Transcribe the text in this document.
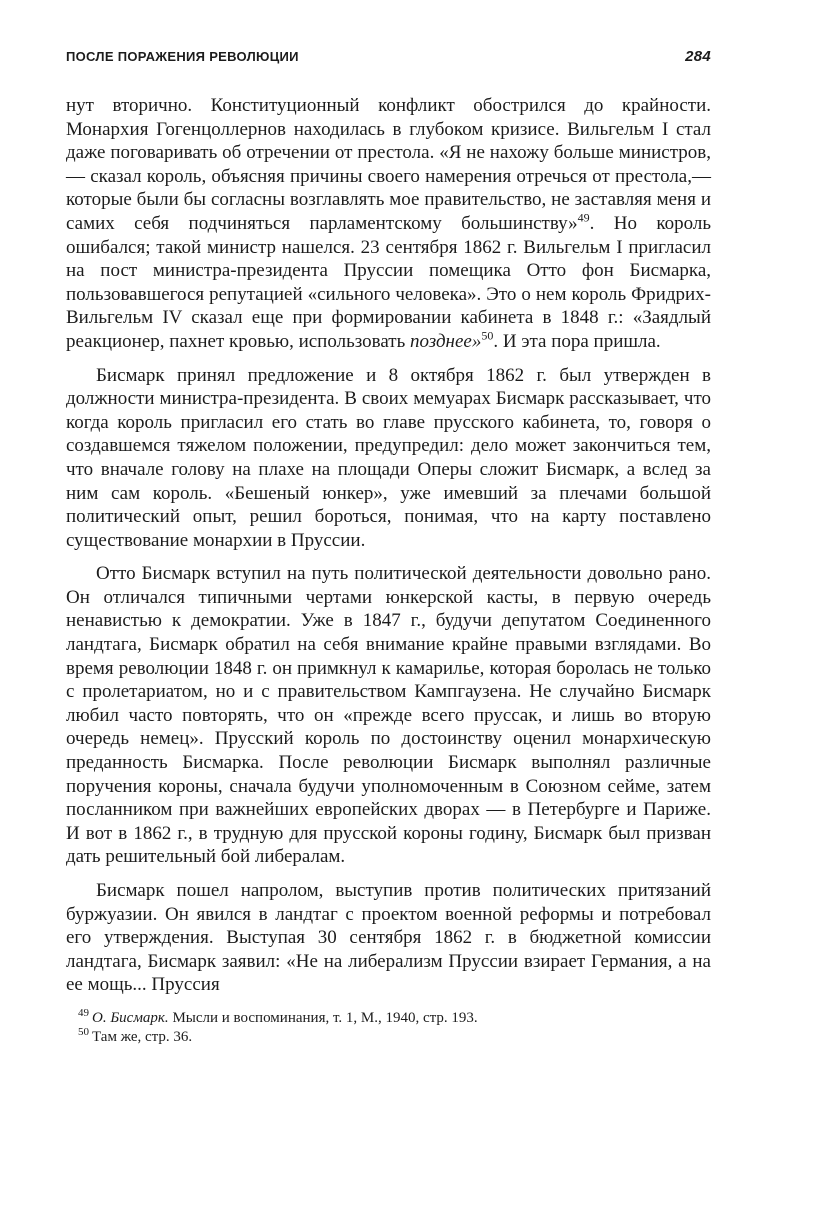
ПОСЛЕ ПОРАЖЕНИЯ РЕВОЛЮЦИИ	284

нут вторично. Конституционный конфликт обострился до крайности. Монархия Гогенцоллернов находилась в глубоком кризисе. Вильгельм I стал даже поговаривать об отречении от престола. «Я не нахожу больше министров,— сказал король, объясняя причины своего намерения отречься от престола,— которые были бы согласны возглавлять мое правительство, не заставляя меня и самих себя подчиняться парламентскому большинству»$^{49}$. Но король ошибался; такой министр нашелся. 23 сентября 1862 г. Вильгельм I пригласил на пост министра-президента Пруссии помещика Отто фон Бисмарка, пользовавшегося репутацией «сильного человека». Это о нем король Фридрих-Вильгельм IV сказал еще при формировании кабинета в 1848 г.: «Заядлый реакционер, пахнет кровью, использовать позднее»$^{50}$. И эта пора пришла.

Бисмарк принял предложение и 8 октября 1862 г. был утвержден в должности министра-президента. В своих мемуарах Бисмарк рассказывает, что когда король пригласил его стать во главе прусского кабинета, то, говоря о создавшемся тяжелом положении, предупредил: дело может закончиться тем, что вначале голову на плахе на площади Оперы сложит Бисмарк, а вслед за ним сам король. «Бешеный юнкер», уже имевший за плечами большой политический опыт, решил бороться, понимая, что на карту поставлено существование монархии в Пруссии.

Отто Бисмарк вступил на путь политической деятельности довольно рано. Он отличался типичными чертами юнкерской касты, в первую очередь ненавистью к демократии. Уже в 1847 г., будучи депутатом Соединенного ландтага, Бисмарк обратил на себя внимание крайне правыми взглядами. Во время революции 1848 г. он примкнул к камарилье, которая боролась не только с пролетариатом, но и с правительством Кампгаузена. Не случайно Бисмарк любил часто повторять, что он «прежде всего пруссак, и лишь во вторую очередь немец». Прусский король по достоинству оценил монархическую преданность Бисмарка. После революции Бисмарк выполнял различные поручения короны, сначала будучи уполномоченным в Союзном сейме, затем посланником при важнейших европейских дворах — в Петербурге и Париже. И вот в 1862 г., в трудную для прусской короны годину, Бисмарк был призван дать решительный бой либералам.

Бисмарк пошел напролом, выступив против политических притязаний буржуазии. Он явился в ландтаг с проектом военной реформы и потребовал его утверждения. Выступая 30 сентября 1862 г. в бюджетной комиссии ландтага, Бисмарк заявил: «Не на либерализм Пруссии взирает Германия, а на ее мощь... Пруссия

$^{49}$ О. Бисмарк. Мысли и воспоминания, т. 1, М., 1940, стр. 193.

$^{50}$ Там же, стр. 36.
